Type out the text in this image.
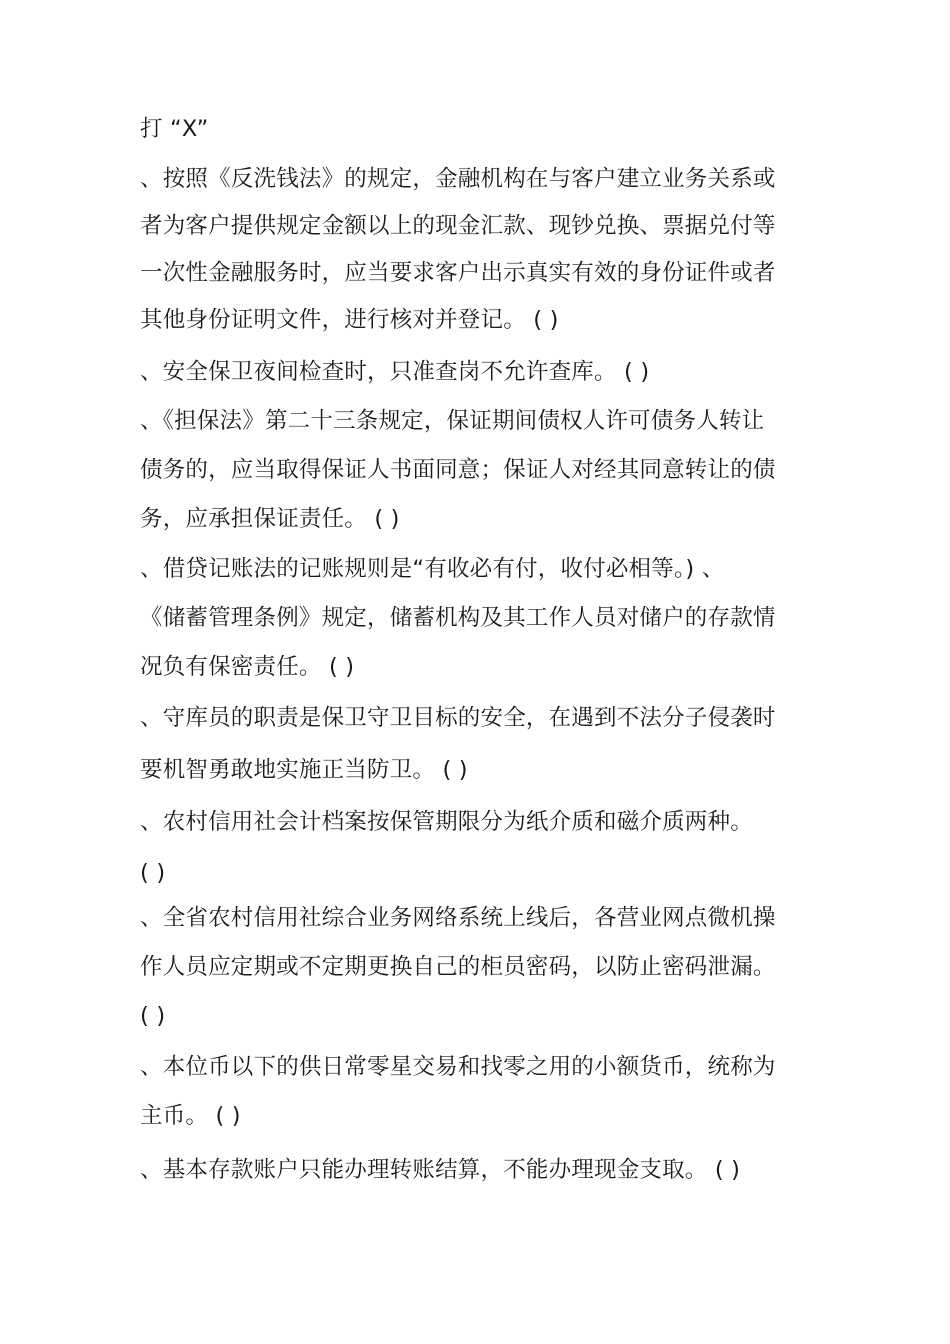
打 “X”
、按照《反洗钱法》的规定，金融机构在与客户建立业务关系或
者为客户提供规定金额以上的现金汇款、现钞兑换、票据兑付等
一次性金融服务时，应当要求客户出示真实有效的身份证件或者
其他身份证明文件，进行核对并登记。 ( )
、安全保卫夜间检查时，只准查岗不允许查库。 ( )
、《担保法》第二十三条规定，保证期间债权人许可债务人转让
债务的，应当取得保证人书面同意；保证人对经其同意转让的债
务，应承担保证责任。 ( )
、借贷记账法的记账规则是“有收必有付，收付必相等。) 、
《储蓄管理条例》规定，储蓄机构及其工作人员对储户的存款情
况负有保密责任。 ( )
、守库员的职责是保卫守卫目标的安全，在遇到不法分子侵袭时
要机智勇敢地实施正当防卫。 ( )
、农村信用社会计档案按保管期限分为纸介质和磁介质两种。
( )
、全省农村信用社综合业务网络系统上线后，各营业网点微机操
作人员应定期或不定期更换自己的柜员密码，以防止密码泄漏。
( )
、本位币以下的供日常零星交易和找零之用的小额货币，统称为
主币。 ( )
、基本存款账户只能办理转账结算，不能办理现金支取。 ( )
